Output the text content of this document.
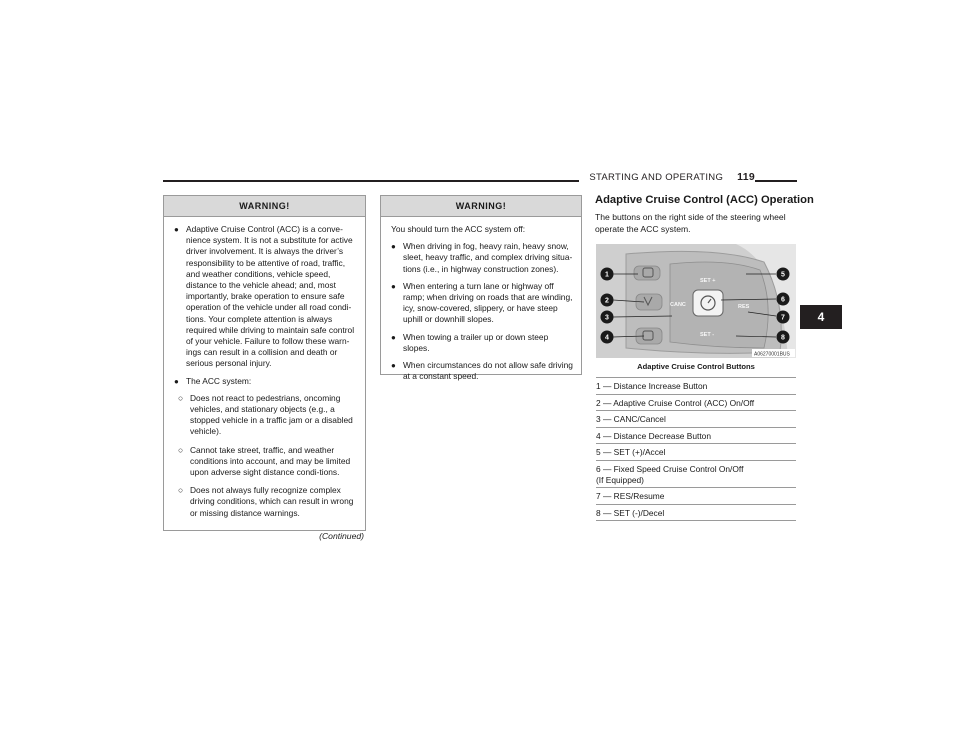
STARTING AND OPERATING 119
4
WARNING!
● Adaptive Cruise Control (ACC) is a conve-nience system. It is not a substitute for active driver involvement. It is always the driver’s responsibility to be attentive of road, traffic, and weather conditions, vehicle speed, distance to the vehicle ahead; and, most importantly, brake operation to ensure safe operation of the vehicle under all road condi-tions. Your complete attention is always required while driving to maintain safe control of your vehicle. Failure to follow these warn-ings can result in a collision and death or serious personal injury.
● The ACC system:
○ Does not react to pedestrians, oncoming vehicles, and stationary objects (e.g., a stopped vehicle in a traffic jam or a disabled vehicle).
○ Cannot take street, traffic, and weather conditions into account, and may be limited upon adverse sight distance condi-tions.
○ Does not always fully recognize complex driving conditions, which can result in wrong or missing distance warnings.
(Continued)
WARNING!
You should turn the ACC system off:
● When driving in fog, heavy rain, heavy snow, sleet, heavy traffic, and complex driving situa-tions (i.e., in highway construction zones).
● When entering a turn lane or highway off ramp; when driving on roads that are winding, icy, snow-covered, slippery, or have steep uphill or downhill slopes.
● When towing a trailer up or down steep slopes.
● When circumstances do not allow safe driving at a constant speed.
Adaptive Cruise Control (ACC) Operation
The buttons on the right side of the steering wheel operate the ACC system.
SET +
CANC	RES
SET -
1
2
3
4
5
6
7
8
A06270001BUS
Adaptive Cruise Control Buttons
1 — Distance Increase Button
2 — Adaptive Cruise Control (ACC) On/Off
3 — CANC/Cancel
4 — Distance Decrease Button
5 — SET (+)/Accel
6 — Fixed Speed Cruise Control On/Off
(If Equipped)
7 — RES/Resume
8 — SET (-)/Decel
